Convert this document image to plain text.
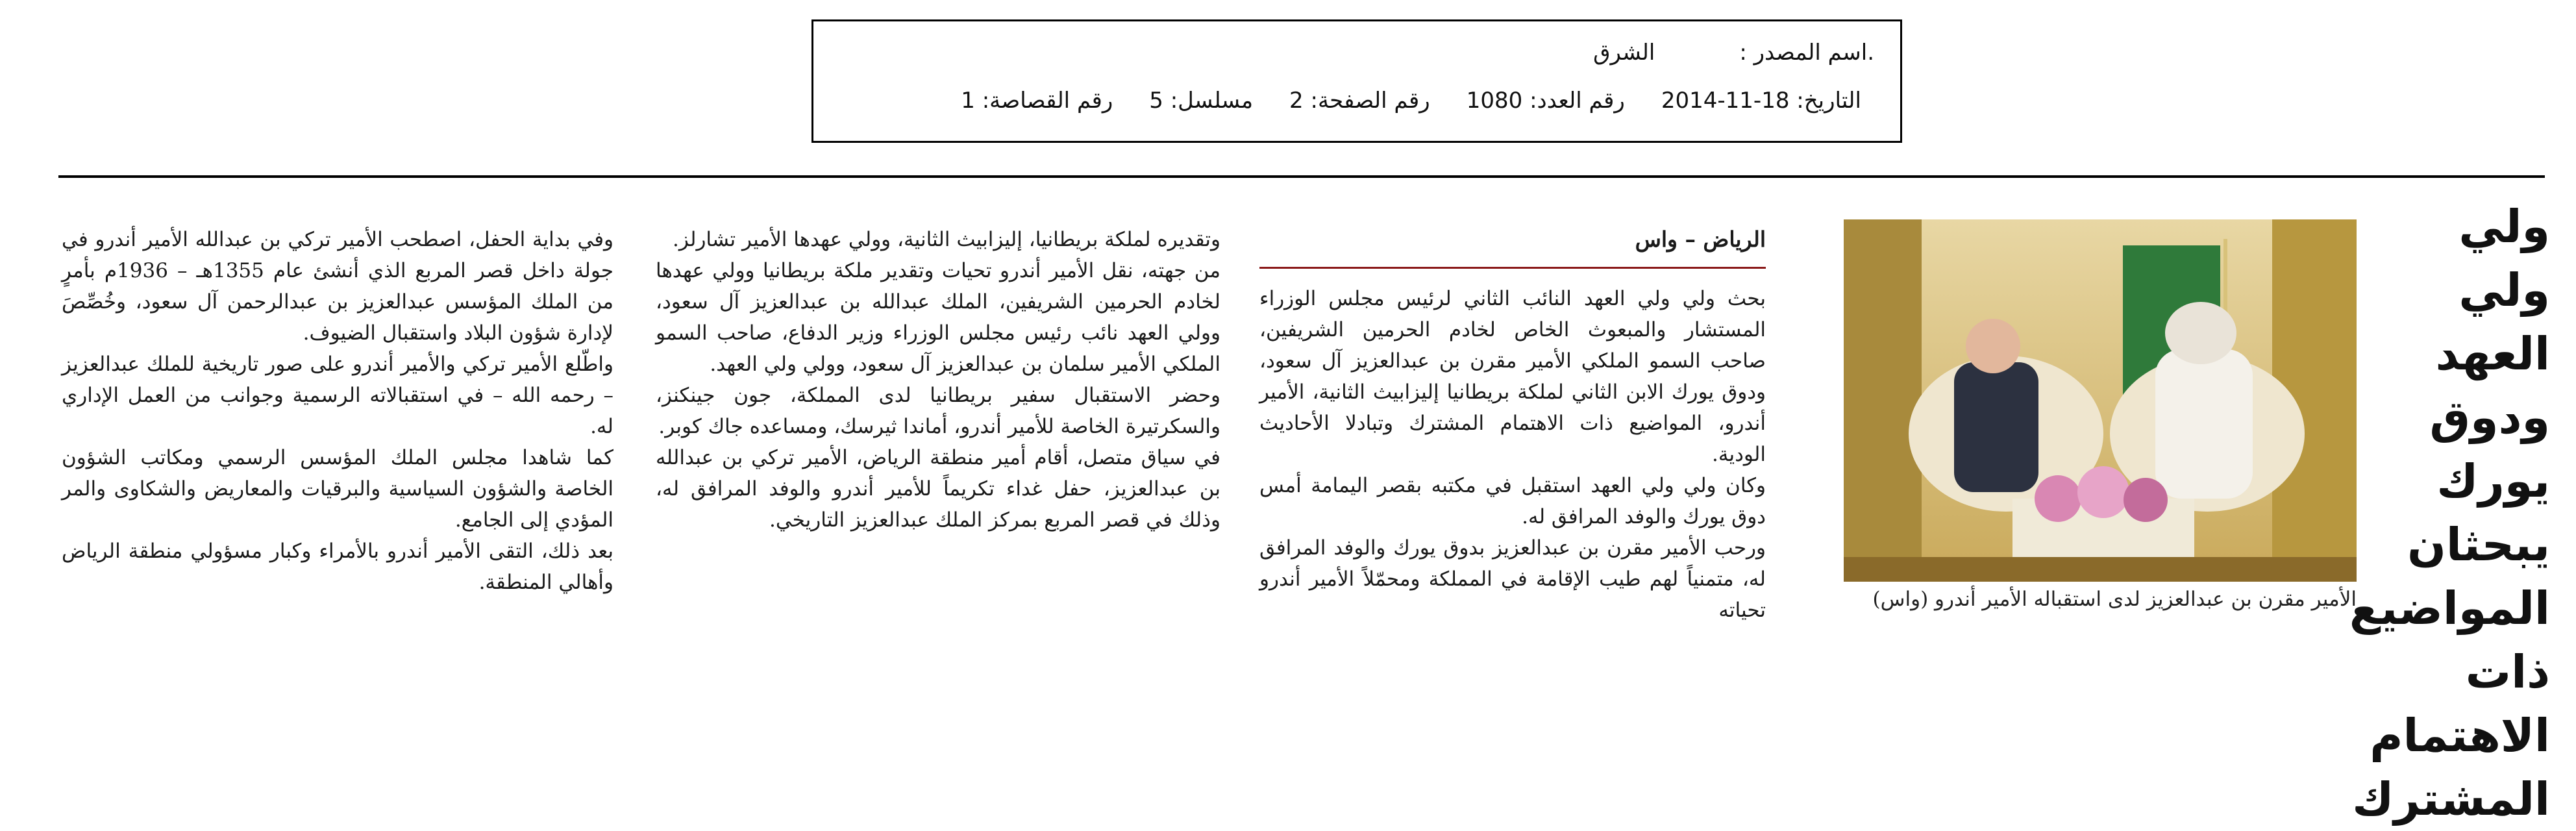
.اسم المصدر :
الشرق
التاريخ: 18-11-2014
رقم العدد: 1080
رقم الصفحة: 2
مسلسل: 5
رقم القصاصة: 1
ولي ولي العهد ودوق يورك يبحثان المواضيع ذات الاهتمام المشترك
الأمير مقرن بن عبدالعزيز لدى استقباله الأمير أندرو (واس)

الرياض – واس

بحث ولي ولي العهد النائب الثاني لرئيس مجلس الوزراء المستشار والمبعوث الخاص لخادم الحرمين الشريفين، صاحب السمو الملكي الأمير مقرن بن عبدالعزيز آل سعود، ودوق يورك الابن الثاني لملكة بريطانيا إليزابيث الثانية، الأمير أندرو، المواضيع ذات الاهتمام المشترك وتبادلا الأحاديث الودية.

وكان ولي ولي العهد استقبل في مكتبه بقصر اليمامة أمس دوق يورك والوفد المرافق له.

ورحب الأمير مقرن بن عبدالعزيز بدوق يورك والوفد المرافق له، متمنياً لهم طيب الإقامة في المملكة ومحمّلاً الأمير أندرو تحياته

وتقديره لملكة بريطانيا، إليزابيث الثانية، وولي عهدها الأمير تشارلز.

من جهته، نقل الأمير أندرو تحيات وتقدير ملكة بريطانيا وولي عهدها لخادم الحرمين الشريفين، الملك عبدالله بن عبدالعزيز آل سعود، وولي العهد نائب رئيس مجلس الوزراء وزير الدفاع، صاحب السمو الملكي الأمير سلمان بن عبدالعزيز آل سعود، وولي ولي العهد.

وحضر الاستقبال سفير بريطانيا لدى المملكة، جون جينكنز، والسكرتيرة الخاصة للأمير أندرو، أماندا ثيرسك، ومساعده جاك كوبر.

في سياق متصل، أقام أمير منطقة الرياض، الأمير تركي بن عبدالله بن عبدالعزيز، حفل غداء تكريماً للأمير أندرو والوفد المرافق له، وذلك في قصر المربع بمركز الملك عبدالعزيز التاريخي.

وفي بداية الحفل، اصطحب الأمير تركي بن عبدالله الأمير أندرو في جولة داخل قصر المربع الذي أنشئ عام 1355هـ – 1936م بأمرٍ من الملك المؤسس عبدالعزيز بن عبدالرحمن آل سعود، وخُصِّصَ لإدارة شؤون البلاد واستقبال الضيوف.

واطّلع الأمير تركي والأمير أندرو على صور تاريخية للملك عبدالعزيز – رحمه الله – في استقبالاته الرسمية وجوانب من العمل الإداري له.

كما شاهدا مجلس الملك المؤسس الرسمي ومكاتب الشؤون الخاصة والشؤون السياسية والبرقيات والمعاريض والشكاوى والمر المؤدي إلى الجامع.

بعد ذلك، التقى الأمير أندرو بالأمراء وكبار مسؤولي منطقة الرياض وأهالي المنطقة.
